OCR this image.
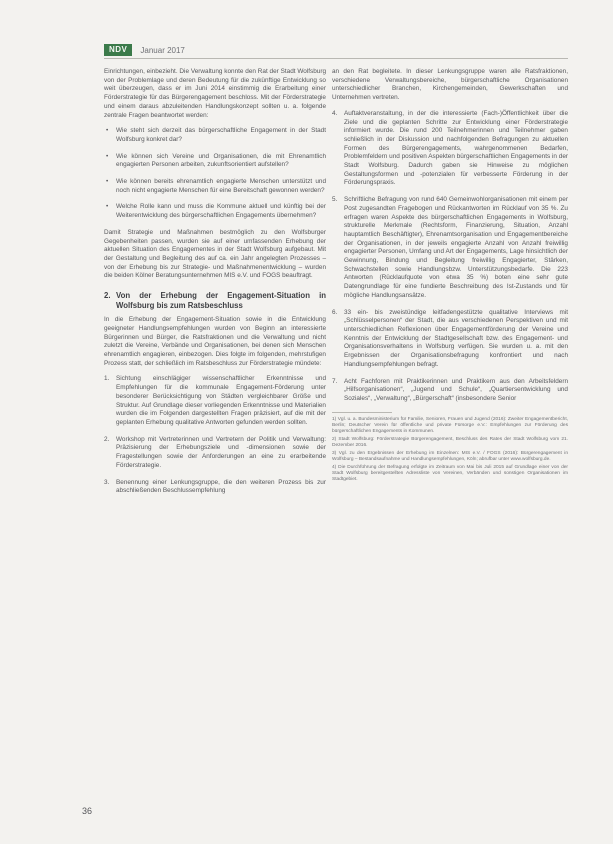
NDV	Januar 2017

Einrichtungen, einbezieht. Die Verwaltung konnte den Rat der Stadt Wolfsburg von der Problemlage und deren Bedeutung für die zukünftige Entwicklung so weit überzeugen, dass er im Juni 2014 einstimmig die Erarbeitung einer Förderstrategie für das Bürgerengagement beschloss. Mit der Förderstrategie und einem daraus abzuleitenden Handlungskonzept sollten u. a. folgende zentrale Fragen beantwortet werden:

• Wie steht sich derzeit das bürgerschaftliche Engagement in der Stadt Wolfsburg konkret dar?
• Wie können sich Vereine und Organisationen, die mit Ehrenamtlich engagierten Personen arbeiten, zukunftsorientiert aufstellen?
• Wie können bereits ehrenamtlich engagierte Menschen unterstützt und noch nicht engagierte Menschen für eine Bereitschaft gewonnen werden?
• Welche Rolle kann und muss die Kommune aktuell und künftig bei der Weiterentwicklung des bürgerschaftlichen Engagements übernehmen?

Damit Strategie und Maßnahmen bestmöglich zu den Wolfsburger Gegebenheiten passen, wurden sie auf einer umfassenden Erhebung der aktuellen Situation des Engagementes in der Stadt Wolfsburg aufgebaut. Mit der Gestaltung und Begleitung des auf ca. ein Jahr angelegten Prozesses – von der Erhebung bis zur Strategie- und Maßnahmenentwicklung – wurden die beiden Kölner Beratungsunternehmen MIS e.V. und FOGS beauftragt.

2. Von der Erhebung der Engagement-Situation in Wolfsburg bis zum Ratsbeschluss

In die Erhebung der Engagement-Situation sowie in die Entwicklung geeigneter Handlungsempfehlungen wurden von Beginn an interessierte Bürgerinnen und Bürger, die Ratsfraktionen und die Verwaltung und nicht zuletzt die Vereine, Verbände und Organisationen, bei denen sich Menschen ehrenamtlich engagieren, einbezogen. Dies folgte im folgenden, mehrstufigen Prozess statt, der schließlich im Ratsbeschluss zur Förderstrategie mündete:

1. Sichtung einschlägiger wissenschaftlicher Erkenntnisse und Empfehlungen für die kommunale Engagement-Förderung unter besonderer Berücksichtigung von Städten vergleichbarer Größe und Struktur. Auf Grundlage dieser vorliegenden Erkenntnisse und Materialien wurden die im Folgenden dargestellten Fragen präzisiert, auf die mit der geplanten Erhebung qualitative Antworten gefunden werden sollten.
2. Workshop mit Vertreterinnen und Vertretern der Politik und Verwaltung: Präzisierung der Erhebungsziele und -dimensionen sowie der Fragestellungen sowie der Anforderungen an eine zu erarbeitende Förderstrategie.
3. Benennung einer Lenkungsgruppe, die den weiteren Prozess bis zur abschließenden Beschlussempfehlung

an den Rat begleitete. In dieser Lenkungsgruppe waren alle Ratsfraktionen, verschiedene Verwaltungsbereiche, bürgerschaftliche Organisationen unterschiedlicher Branchen, Kirchengemeinden, Gewerkschaften und Unternehmen vertreten.

4. Auftaktveranstaltung, in der die interessierte (Fach-)Öffentlichkeit über die Ziele und die geplanten Schritte zur Entwicklung einer Förderstrategie informiert wurde. Die rund 200 Teilnehmerinnen und Teilnehmer gaben schließlich in der Diskussion und nachfolgenden Befragungen zu aktuellen Formen des Bürgerengagements, wahrgenommenen Bedarfen, Problemfeldern und positiven Aspekten bürgerschaftlichen Engagements in der Stadt Wolfsburg. Dadurch gaben sie Hinweise zu möglichen Gestaltungsformen und -potenzialen für verbesserte Förderung in der Förderungspraxis.
5. Schriftliche Befragung von rund 640 Gemeinwohlorganisationen mit einem per Post zugesandten Fragebogen und Rückantworten im Rücklauf von 35 %. Zu erfragen waren Aspekte des bürgerschaftlichen Engagements in Wolfsburg, strukturelle Merkmale (Rechtsform, Finanzierung, Situation, Anzahl hauptamtlich Beschäftigter), Ehrenamtsorganisation und Engagementbereiche der Organisationen, in der jeweils engagierte Anzahl von Anzahl freiwillig engagierter Personen, Umfang und Art der Engagements, Lage hinsichtlich der Gewinnung, Bindung und Begleitung freiwillig Engagierter, Stärken, Schwachstellen sowie Handlungsbzw. Unterstützungsbedarfe. Die 223 Antworten (Rücklaufquote von etwa 35 %) boten eine sehr gute Datengrundlage für eine fundierte Beschreibung des Ist-Zustands und für mögliche Handlungsansätze.
6. 33 ein- bis zweistündige leitfadengestützte qualitative Interviews mit „Schlüsselpersonen“ der Stadt, die aus verschiedenen Perspektiven und mit unterschiedlichen Reflexionen über Engagementförderung der Vereine und Kenntnis der Entwicklung der Stadtgesellschaft bzw. des Engagement- und Organisationsverhaltens in Wolfsburg verfügen. Sie wurden u. a. mit den Ergebnissen der Organisationsbefragung konfrontiert und nach Handlungsempfehlungen befragt.
7. Acht Fachforen mit Praktikerinnen und Praktikern aus den Arbeitsfeldern „Hilfsorganisationen“, „Jugend und Schule“, „Quartiersentwicklung und Soziales“, „Verwaltung“, „Bürgerschaft“ (insbesondere Senior
1) Vgl. u. a. Bundesministerium für Familie, Senioren, Frauen und Jugend (2016): Zweiter Engagementbericht, Berlin; Deutscher Verein für öffentliche und private Fürsorge e.V.: Empfehlungen zur Förderung des bürgerschaftlichen Engagements in Kommunen.
2) Stadt Wolfsburg: Förderstrategie Bürgerengagement, Beschluss des Rates der Stadt Wolfsburg vom 21. Dezember 2016.
3) Vgl. zu den Ergebnissen der Erhebung im Einzelnen: MIS e.V. / FOGS (2016): Bürgerengagement in Wolfsburg – Bestandsaufnahme und Handlungsempfehlungen, Köln; abrufbar unter www.wolfsburg.de.
4) Die Durchführung der Befragung erfolgte im Zeitraum von Mai bis Juli 2015 auf Grundlage einer von der Stadt Wolfsburg bereitgestellten Adressliste von Vereinen, Verbänden und sonstigen Organisationen im Stadtgebiet.
36
